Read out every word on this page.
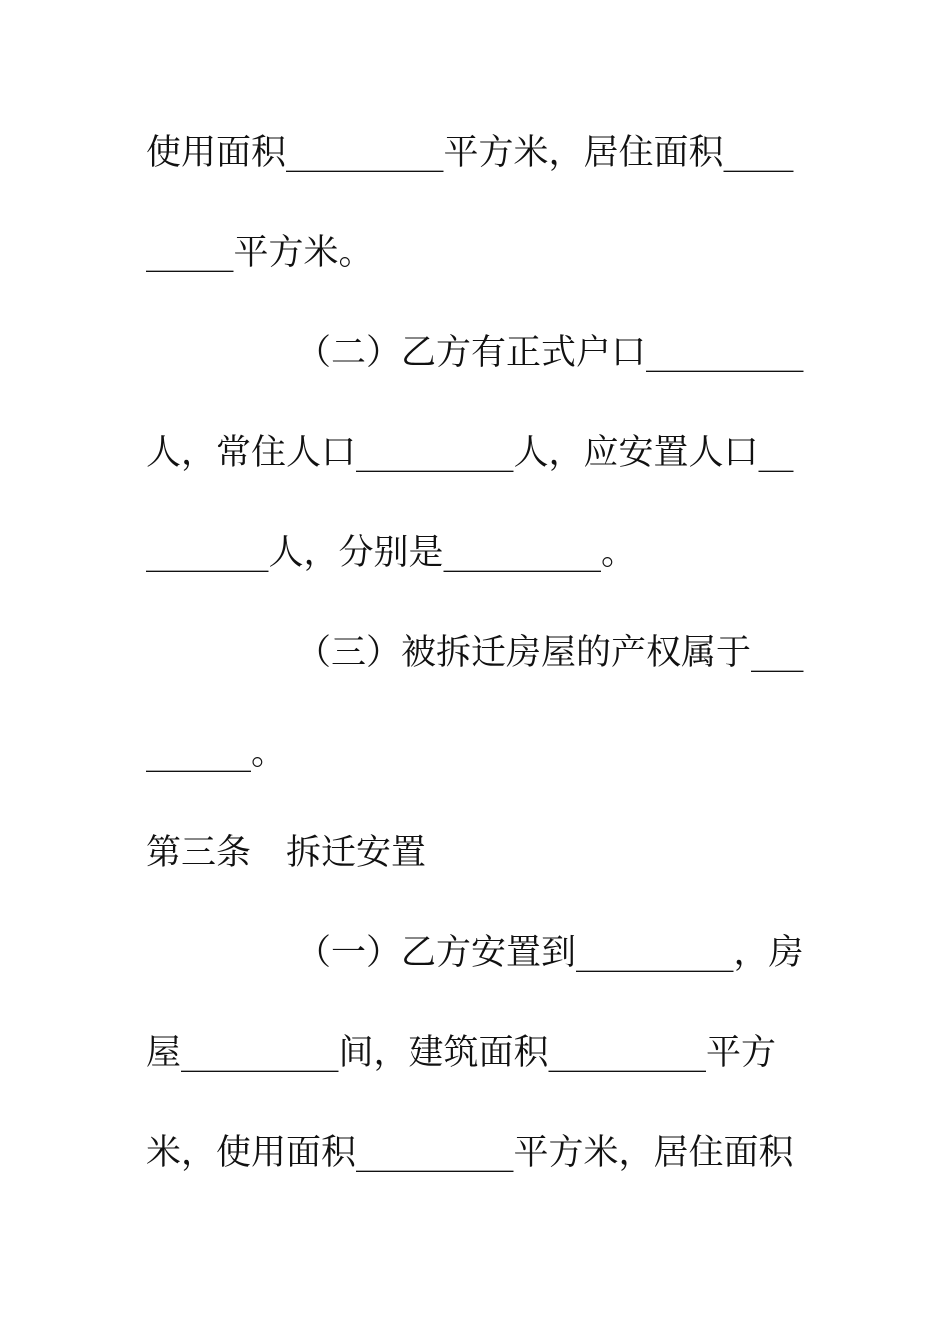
使用面积_________平方米，居住面积____
_____平方米。
（二）乙方有正式户口_________
人，常住人口_________人，应安置人口__
_______人，分别是_________。
（三）被拆迁房屋的产权属于___
______。
第三条　拆迁安置
（一）乙方安置到_________，房
屋_________间，建筑面积_________平方
米，使用面积_________平方米，居住面积
